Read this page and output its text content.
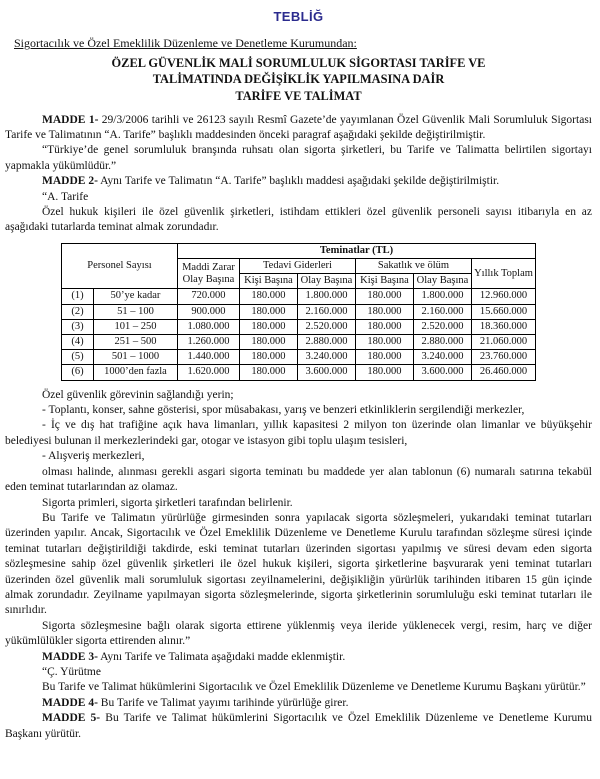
TEBLİĞ
Sigortacılık ve Özel Emeklilik Düzenleme ve Denetleme Kurumundan:
ÖZEL GÜVENLİK MALİ SORUMLULUK SİGORTASI TARİFE VE
TALİMATINDA DEĞİŞİKLİK YAPILMASINA DAİR
TARİFE VE TALİMAT

MADDE 1- 29/3/2006 tarihli ve 26123 sayılı Resmî Gazete’de yayımlanan Özel Güvenlik Mali Sorumluluk Sigortası Tarife ve Talimatının “A. Tarife” başlıklı maddesinden önceki paragraf aşağıdaki şekilde değiştirilmiştir.

“Türkiye’de genel sorumluluk branşında ruhsatı olan sigorta şirketleri, bu Tarife ve Talimatta belirtilen sigortayı yapmakla yükümlüdür.”

MADDE 2- Aynı Tarife ve Talimatın “A. Tarife” başlıklı maddesi aşağıdaki şekilde değiştirilmiştir.

“A. Tarife

Özel hukuk kişileri ile özel güvenlik şirketleri, istihdam ettikleri özel güvenlik personeli sayısı itibarıyla en az aşağıdaki tutarlarda teminat almak zorundadır.

Personel Sayısı		Teminatlar (TL)					
		Maddi Zarar Olay Başına	Tedavi Giderleri		Sakatlık ve ölüm		Yıllık Toplam
			Kişi Başına	Olay Başına	Kişi Başına	Olay Başına	
(1)	50’ye kadar	720.000	180.000	1.800.000	180.000	1.800.000	12.960.000
(2)	51 – 100	900.000	180.000	2.160.000	180.000	2.160.000	15.660.000
(3)	101 – 250	1.080.000	180.000	2.520.000	180.000	2.520.000	18.360.000
(4)	251 – 500	1.260.000	180.000	2.880.000	180.000	2.880.000	21.060.000
(5)	501 – 1000	1.440.000	180.000	3.240.000	180.000	3.240.000	23.760.000
(6)	1000’den fazla	1.620.000	180.000	3.600.000	180.000	3.600.000	26.460.000

Özel güvenlik görevinin sağlandığı yerin;

- Toplantı, konser, sahne gösterisi, spor müsabakası, yarış ve benzeri etkinliklerin sergilendiği merkezler,

- İç ve dış hat trafiğine açık hava limanları, yıllık kapasitesi 2 milyon ton üzerinde olan limanlar ve büyükşehir belediyesi bulunan il merkezlerindeki gar, otogar ve istasyon gibi toplu ulaşım tesisleri,

- Alışveriş merkezleri,

olması halinde, alınması gerekli asgari sigorta teminatı bu maddede yer alan tablonun (6) numaralı satırına tekabül eden teminat tutarlarından az olamaz.

Sigorta primleri, sigorta şirketleri tarafından belirlenir.

Bu Tarife ve Talimatın yürürlüğe girmesinden sonra yapılacak sigorta sözleşmeleri, yukarıdaki teminat tutarları üzerinden yapılır. Ancak, Sigortacılık ve Özel Emeklilik Düzenleme ve Denetleme Kurulu tarafından sözleşme süresi içinde teminat tutarları değiştirildiği takdirde, eski teminat tutarları üzerinden sigortası yapılmış ve süresi devam eden sigorta sözleşmesine sahip özel güvenlik şirketleri ile özel hukuk kişileri, sigorta şirketlerine başvurarak yeni teminat tutarları üzerinden özel güvenlik mali sorumluluk sigortası zeyilnamelerini, değişikliğin yürürlük tarihinden itibaren 15 gün içinde almak zorundadır. Zeyilname yapılmayan sigorta sözleşmelerinde, sigorta şirketlerinin sorumluluğu eski teminat tutarları ile sınırlıdır.

Sigorta sözleşmesine bağlı olarak sigorta ettirene yüklenmiş veya ileride yüklenecek vergi, resim, harç ve diğer yükümlülükler sigorta ettirenden alınır.”

MADDE 3- Aynı Tarife ve Talimata aşağıdaki madde eklenmiştir.

“Ç. Yürütme

Bu Tarife ve Talimat hükümlerini Sigortacılık ve Özel Emeklilik Düzenleme ve Denetleme Kurumu Başkanı yürütür.”

MADDE 4- Bu Tarife ve Talimat yayımı tarihinde yürürlüğe girer.

MADDE 5- Bu Tarife ve Talimat hükümlerini Sigortacılık ve Özel Emeklilik Düzenleme ve Denetleme Kurumu Başkanı yürütür.
